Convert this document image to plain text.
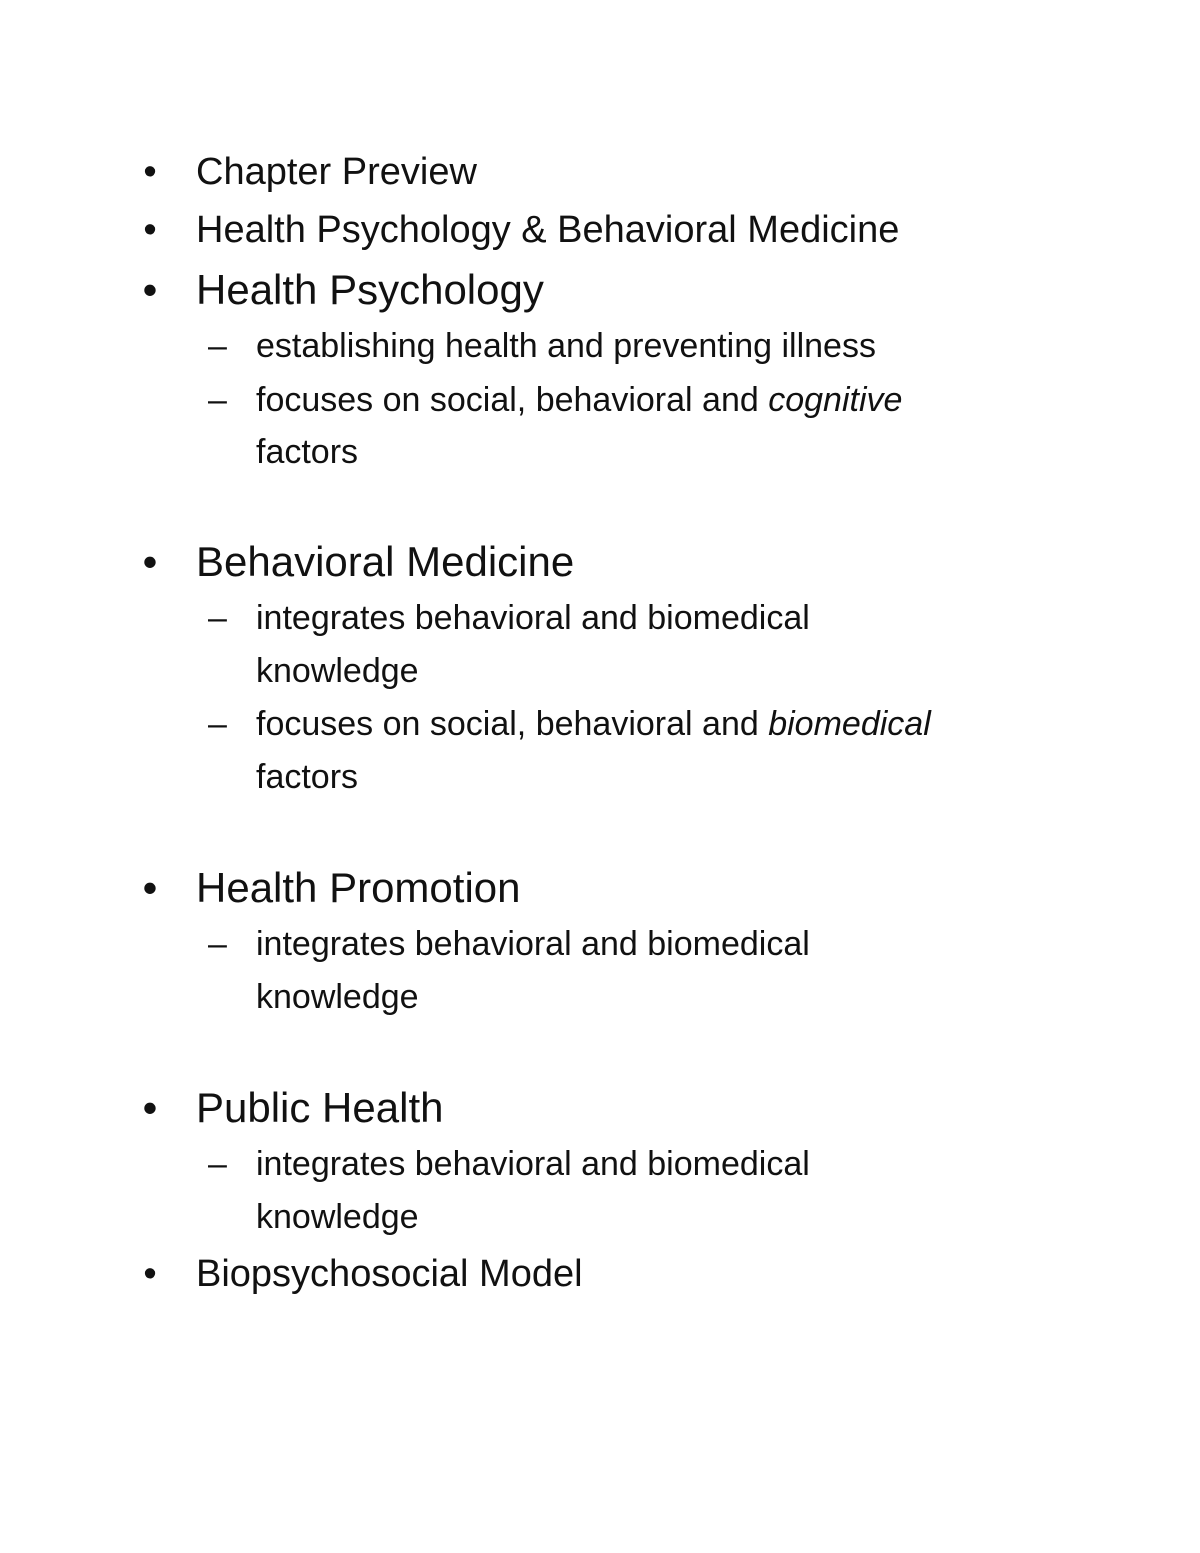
• Chapter Preview
• Health Psychology & Behavioral Medicine
• Health Psychology
– establishing health and preventing illness
– focuses on social, behavioral and cognitive
factors
• Behavioral Medicine
– integrates behavioral and biomedical
knowledge
– focuses on social, behavioral and biomedical
factors
• Health Promotion
– integrates behavioral and biomedical
knowledge
• Public Health
– integrates behavioral and biomedical
knowledge
• Biopsychosocial Model
